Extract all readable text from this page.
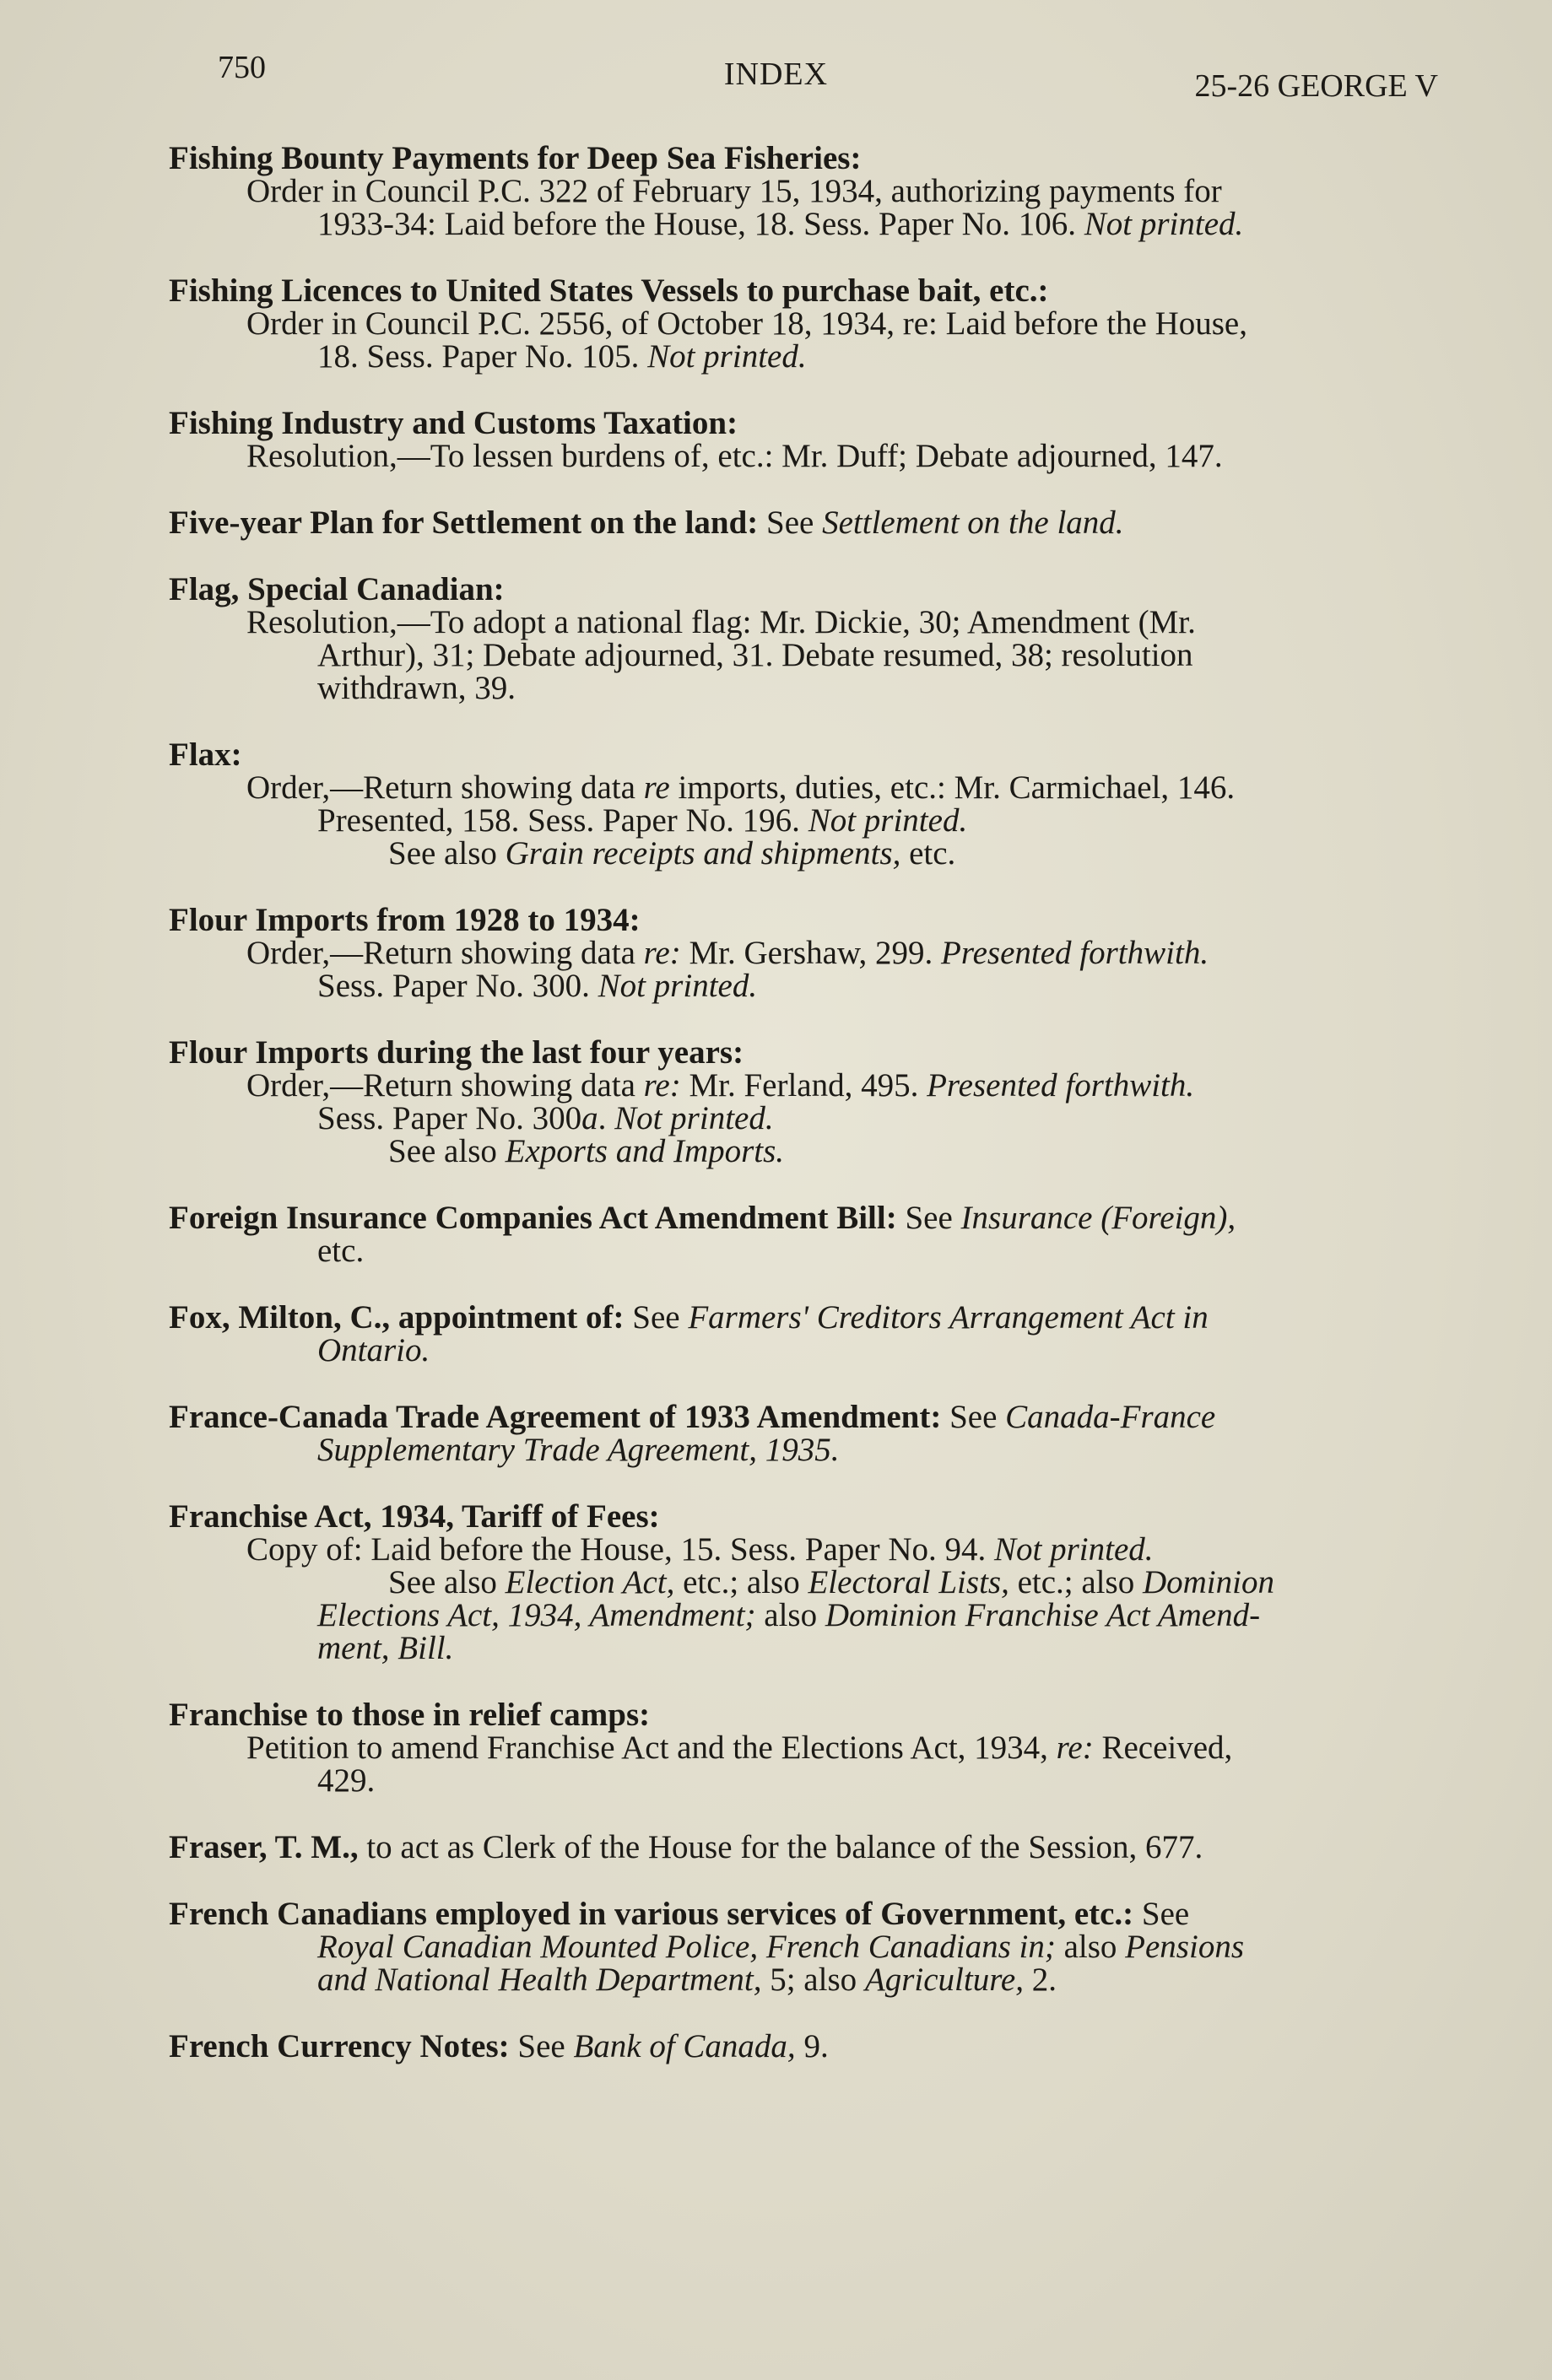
750	INDEX	25-26 GEORGE V
Fishing Bounty Payments for Deep Sea Fisheries:
Order in Council P.C. 322 of February 15, 1934, authorizing payments for
1933-34: Laid before the House, 18. Sess. Paper No. 106. Not printed.
Fishing Licences to United States Vessels to purchase bait, etc.:
Order in Council P.C. 2556, of October 18, 1934, re: Laid before the House,
18. Sess. Paper No. 105. Not printed.
Fishing Industry and Customs Taxation:
Resolution,—To lessen burdens of, etc.: Mr. Duff; Debate adjourned, 147.
Five-year Plan for Settlement on the land: See Settlement on the land.
Flag, Special Canadian:
Resolution,—To adopt a national flag: Mr. Dickie, 30; Amendment (Mr.
Arthur), 31; Debate adjourned, 31. Debate resumed, 38; resolution
withdrawn, 39.
Flax:
Order,—Return showing data re imports, duties, etc.: Mr. Carmichael, 146.
Presented, 158. Sess. Paper No. 196. Not printed.
See also Grain receipts and shipments, etc.
Flour Imports from 1928 to 1934:
Order,—Return showing data re: Mr. Gershaw, 299. Presented forthwith.
Sess. Paper No. 300. Not printed.
Flour Imports during the last four years:
Order,—Return showing data re: Mr. Ferland, 495. Presented forthwith.
Sess. Paper No. 300a. Not printed.
See also Exports and Imports.
Foreign Insurance Companies Act Amendment Bill: See Insurance (Foreign),
etc.
Fox, Milton, C., appointment of: See Farmers' Creditors Arrangement Act in
Ontario.
France-Canada Trade Agreement of 1933 Amendment: See Canada-France
Supplementary Trade Agreement, 1935.
Franchise Act, 1934, Tariff of Fees:
Copy of: Laid before the House, 15. Sess. Paper No. 94. Not printed.
See also Election Act, etc.; also Electoral Lists, etc.; also Dominion
Elections Act, 1934, Amendment; also Dominion Franchise Act Amend-
ment, Bill.
Franchise to those in relief camps:
Petition to amend Franchise Act and the Elections Act, 1934, re: Received,
429.
Fraser, T. M., to act as Clerk of the House for the balance of the Session, 677.
French Canadians employed in various services of Government, etc.: See
Royal Canadian Mounted Police, French Canadians in; also Pensions
and National Health Department, 5; also Agriculture, 2.
French Currency Notes: See Bank of Canada, 9.
